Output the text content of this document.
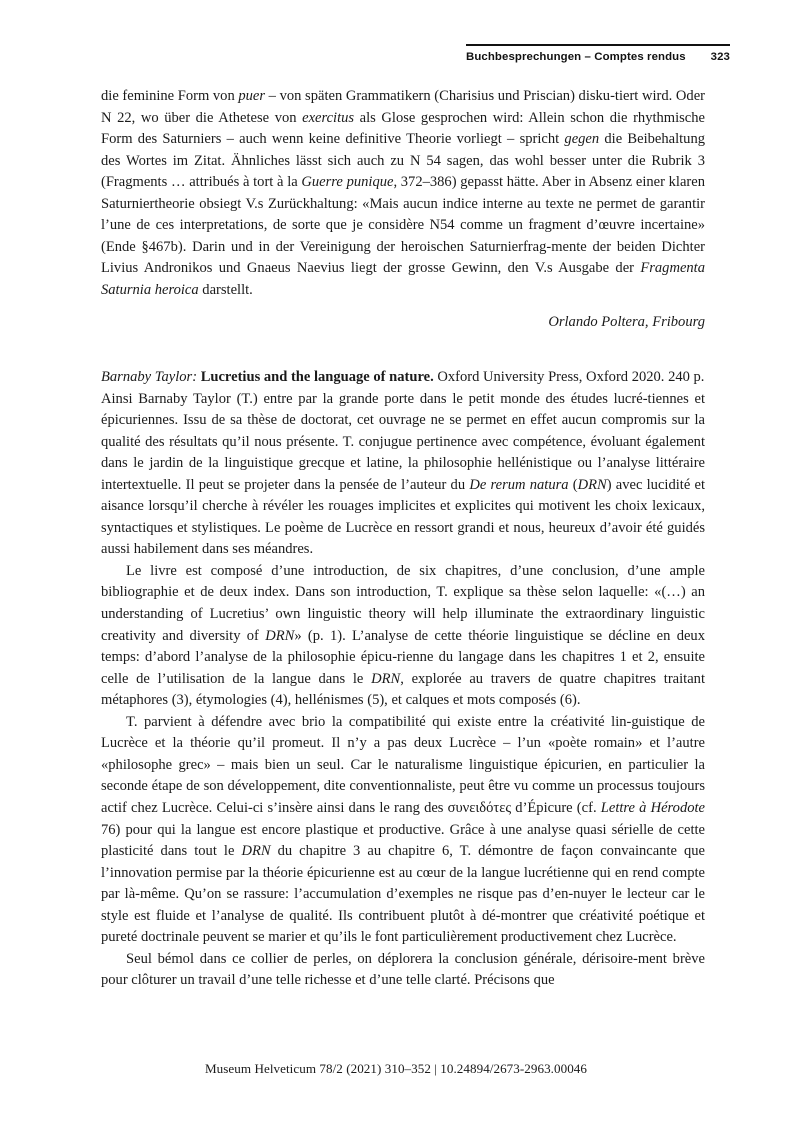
Buchbesprechungen – Comptes rendus	323

die feminine Form von puer – von späten Grammatikern (Charisius und Priscian) disku-tiert wird. Oder N 22, wo über die Athetese von exercitus als Glose gesprochen wird: Allein schon die rhythmische Form des Saturniers – auch wenn keine definitive Theorie vorliegt – spricht gegen die Beibehaltung des Wortes im Zitat. Ähnliches lässt sich auch zu N 54 sagen, das wohl besser unter die Rubrik 3 (Fragments … attribués à tort à la Guerre punique, 372–386) gepasst hätte. Aber in Absenz einer klaren Saturniertheorie obsiegt V.s Zurückhaltung: «Mais aucun indice interne au texte ne permet de garantir l’une de ces interpretations, de sorte que je considère N54 comme un fragment d’œuvre incertaine» (Ende §467b). Darin und in der Vereinigung der heroischen Saturnierfrag-mente der beiden Dichter Livius Andronikos und Gnaeus Naevius liegt der grosse Gewinn, den V.s Ausgabe der Fragmenta Saturnia heroica darstellt.

Orlando Poltera, Fribourg

Barnaby Taylor: Lucretius and the language of nature. Oxford University Press, Oxford 2020. 240 p.

Ainsi Barnaby Taylor (T.) entre par la grande porte dans le petit monde des études lucré-tiennes et épicuriennes. Issu de sa thèse de doctorat, cet ouvrage ne se permet en effet aucun compromis sur la qualité des résultats qu’il nous présente. T. conjugue pertinence avec compétence, évoluant également dans le jardin de la linguistique grecque et latine, la philosophie hellénistique ou l’analyse littéraire intertextuelle. Il peut se projeter dans la pensée de l’auteur du De rerum natura (DRN) avec lucidité et aisance lorsqu’il cherche à révéler les rouages implicites et explicites qui motivent les choix lexicaux, syntactiques et stylistiques. Le poème de Lucrèce en ressort grandi et nous, heureux d’avoir été guidés aussi habilement dans ses méandres.

Le livre est composé d’une introduction, de six chapitres, d’une conclusion, d’une ample bibliographie et de deux index. Dans son introduction, T. explique sa thèse selon laquelle: «(…) an understanding of Lucretius’ own linguistic theory will help illuminate the extraordinary linguistic creativity and diversity of DRN» (p. 1). L’analyse de cette théorie linguistique se décline en deux temps: d’abord l’analyse de la philosophie épicu-rienne du langage dans les chapitres 1 et 2, ensuite celle de l’utilisation de la langue dans le DRN, explorée au travers de quatre chapitres traitant métaphores (3), étymologies (4), hellénismes (5), et calques et mots composés (6).

T. parvient à défendre avec brio la compatibilité qui existe entre la créativité lin-guistique de Lucrèce et la théorie qu’il promeut. Il n’y a pas deux Lucrèce – l’un «poète romain» et l’autre «philosophe grec» – mais bien un seul. Car le naturalisme linguistique épicurien, en particulier la seconde étape de son développement, dite conventionnaliste, peut être vu comme un processus toujours actif chez Lucrèce. Celui-ci s’insère ainsi dans le rang des συνειδότες d’Épicure (cf. Lettre à Hérodote 76) pour qui la langue est encore plastique et productive. Grâce à une analyse quasi sérielle de cette plasticité dans tout le DRN du chapitre 3 au chapitre 6, T. démontre de façon convaincante que l’innovation permise par la théorie épicurienne est au cœur de la langue lucrétienne qui en rend compte par là-même. Qu’on se rassure: l’accumulation d’exemples ne risque pas d’en-nuyer le lecteur car le style est fluide et l’analyse de qualité. Ils contribuent plutôt à dé-montrer que créativité poétique et pureté doctrinale peuvent se marier et qu’ils le font particulièrement productivement chez Lucrèce.

Seul bémol dans ce collier de perles, on déplorera la conclusion générale, dérisoire-ment brève pour clôturer un travail d’une telle richesse et d’une telle clarté. Précisons que

Museum Helveticum 78/2 (2021) 310–352 | 10.24894/2673-2963.00046
